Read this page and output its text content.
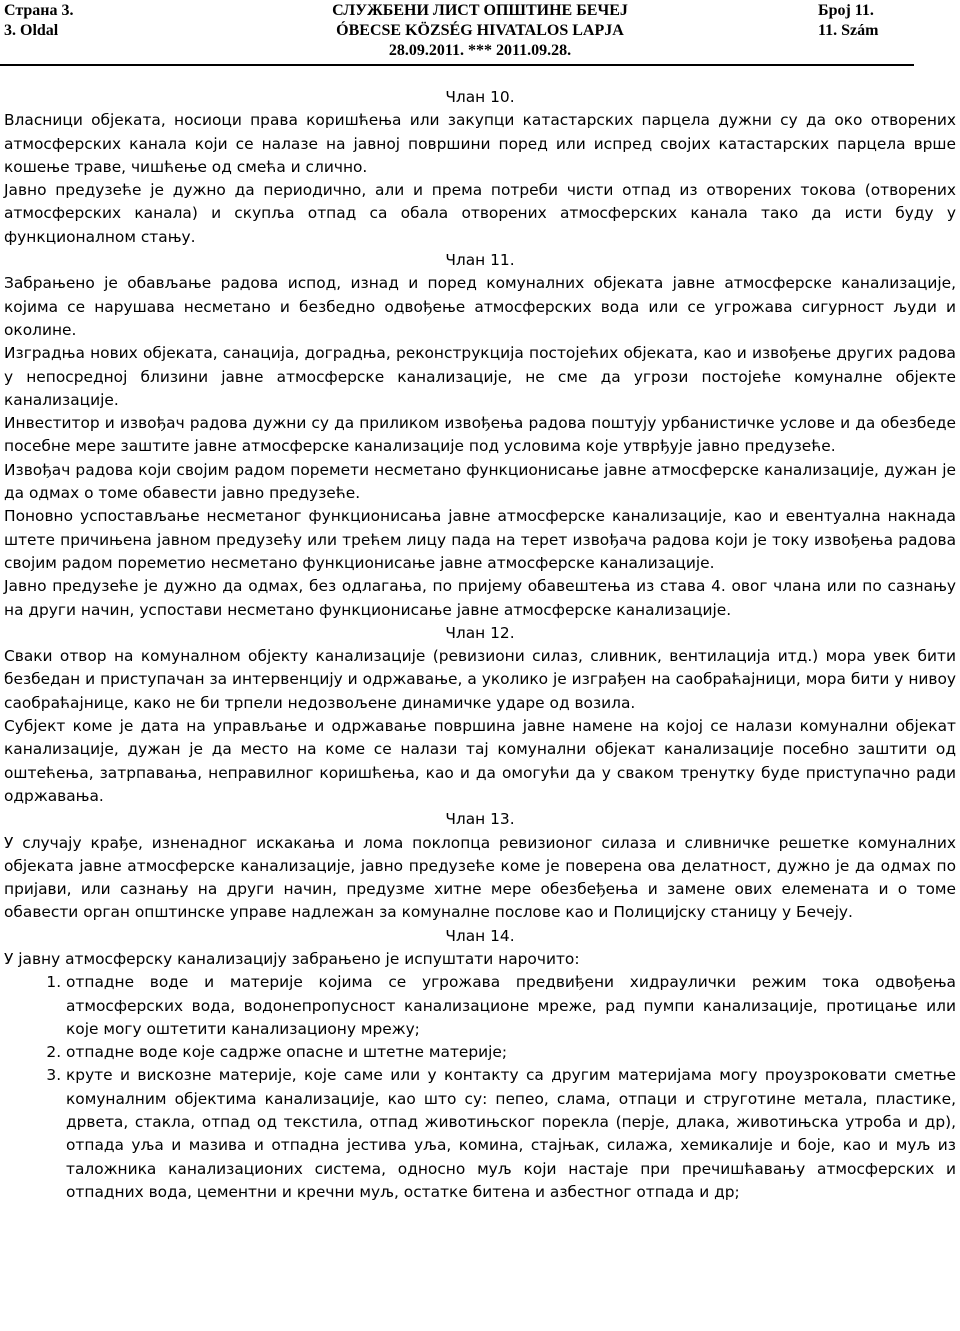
Страна 3.
3. Oldal
СЛУЖБЕНИ ЛИСТ ОПШТИНЕ БЕЧЕЈ
ÓBECSE KÖZSÉG HIVATALOS LAPJA
28.09.2011. *** 2011.09.28.
Број 11.
11. Szám

Члан 10.

Власници објеката, носиоци права коришћења или закупци катастарских парцела дужни су да око отворених атмосферских канала који се налазе на јавној површини поред или испред својих катастарских парцела врше кошење траве, чишћење од смећа и слично.

Јавно предузеће је дужно да периодично, али и према потреби чисти отпад из отворених токова (отворених атмосферских канала) и скупља отпад са обала отворених атмосферских канала тако да исти буду у функционалном стању.

Члан 11.

Забрањено је обављање радова испод, изнад и поред комуналних објеката јавне атмосферске канализације, којима се нарушава несметано и безбедно одвођење атмосферских вода или се угрожава сигурност људи и околине.

Изградња нових објеката, санација, доградња, реконструкција постојећих објеката, као и извођење других радова у непосредној близини јавне атмосферске канализације, не сме да угрози постојеће комуналне објекте канализације.

Инвеститор и извођач радова дужни су да приликом извођења радова поштују урбанистичке услове и да обезбеде посебне мере заштите јавне атмосферске канализације под условима које утврђује јавно предузеће.

Извођач радова који својим радом поремети несметано функционисање јавне атмосферске канализације, дужан је да одмах о томе обавести јавно предузеће.

Поновно успостављање несметаног функционисања јавне атмосферске канализације, као и евентуална накнада штете причињена јавном предузећу или трећем лицу пада на терет извођача радова који је току извођења радова својим радом пореметио несметано функционисање јавне атмосферске канализације.

Јавно предузеће је дужно да одмах, без одлагања, по пријему обавештења из става 4. овог члана или по сазнању на други начин, успостави несметано функционисање јавне атмосферске канализације.

Члан 12.

Сваки отвор на комуналном објекту канализације (ревизиони силаз, сливник, вентилација итд.) мора увек бити безбедан и приступачан за интервенцију и одржавање, а уколико је изграђен на саобраћајници, мора бити у нивоу саобраћајнице, како не би трпели недозвољене динамичке ударе од возила.

Субјект коме је дата на управљање и одржавање површина јавне намене на којој се налази комунални објекат канализације, дужан је да место на коме се налази тај комунални објекат канализације посебно заштити од оштећења, затрпавања, неправилног коришћења, као и да омогући да у сваком тренутку буде приступачно ради одржавања.

Члан 13.

У случају крађе, изненадног искакања и лома поклопца ревизионог силаза и сливничке решетке комуналних објеката јавне атмосферске канализације, јавно предузеће коме је поверена ова делатност, дужно је да одмах по пријави, или сазнању на други начин, предузме хитне мере обезбеђења и замене ових елемената и о томе обавести орган општинске управе надлежан за комуналне послове као и Полицијску станицу у Бечеју.

Члан 14.

У јавну атмосферску канализацију забрањено је испуштати нарочито:

1. отпадне воде и материје којима се угрожава предвиђени хидраулички режим тока одвођења атмосферских вода, водонепропусност канализационе мреже, рад пумпи канализације, протицање или које могу оштетити канализациону мрежу;
2. отпадне воде које садрже опасне и штетне материје;
3. круте и вискозне материје, које саме или у контакту са другим материјама могу проузроковати сметње комуналним објектима канализације, као што су: пепео, слама, отпаци и струготине метала, пластике, дрвета, стакла, отпад од текстила, отпад животињског порекла (перје, длака, животињска утроба и др), отпада уља и мазива и отпадна јестива уља, комина, стајњак, силажа, хемикалије и боје, као и муљ из таложника канализационих система, односно муљ који настаје при пречишћавању атмосферских и отпадних вода, цементни и кречни муљ, остатке битена и азбестног отпада и др;
